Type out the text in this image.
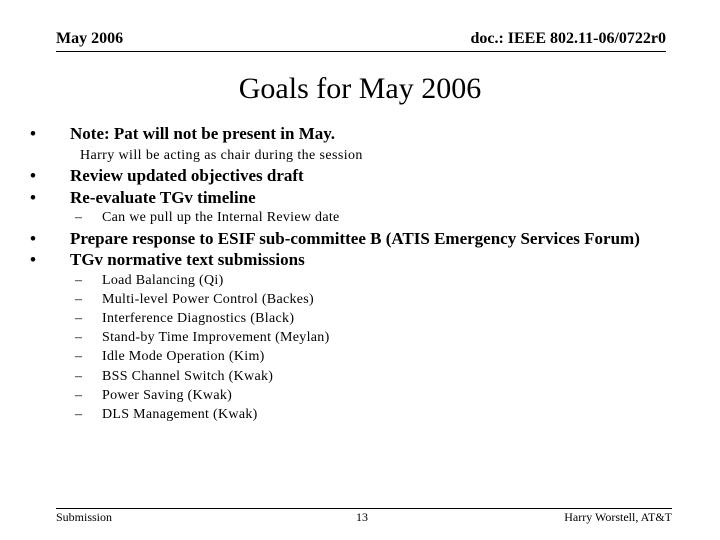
May 2006	doc.: IEEE 802.11-06/0722r0
Goals for May 2006
• Note: Pat will not be present in May.
Harry will be acting as chair during the session
• Review updated objectives draft
• Re-evaluate TGv timeline
– Can we pull up the Internal Review date
• Prepare response to ESIF sub-committee B (ATIS Emergency Services Forum)
• TGv normative text submissions
– Load Balancing (Qi)
– Multi-level Power Control (Backes)
– Interference Diagnostics (Black)
– Stand-by Time Improvement (Meylan)
– Idle Mode Operation (Kim)
– BSS Channel Switch (Kwak)
– Power Saving (Kwak)
– DLS Management (Kwak)
Submission	13	Harry Worstell, AT&T
